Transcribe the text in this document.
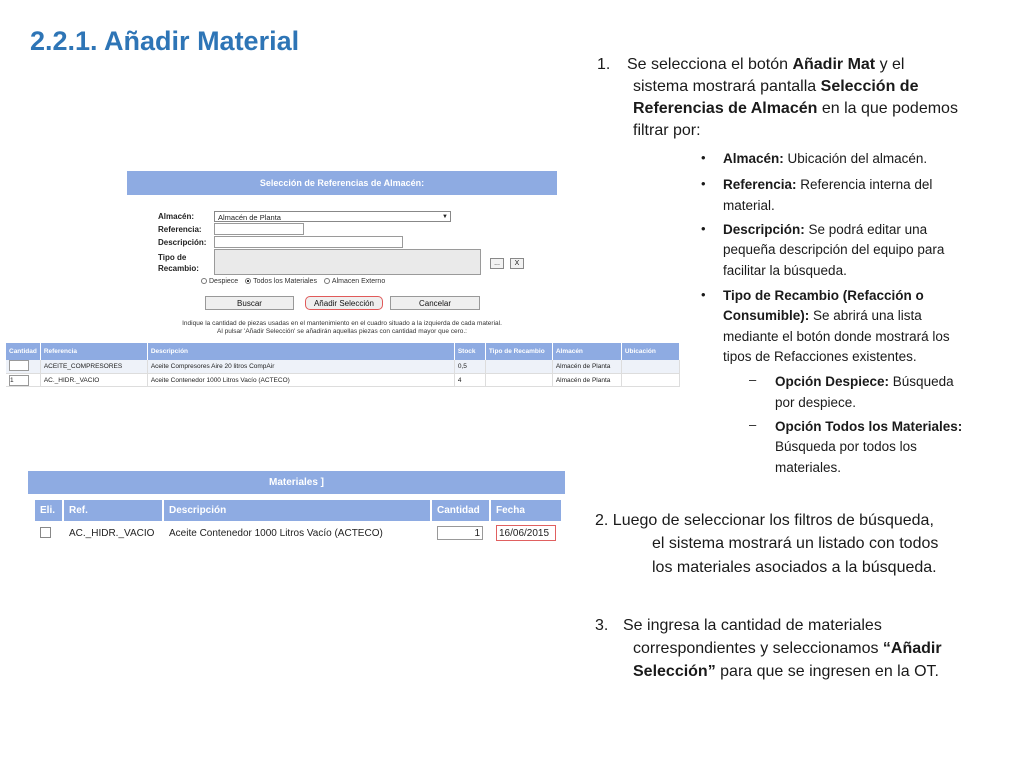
2.2.1. Añadir Material
Selección de Referencias de Almacén:
Almacén:	Almacén de Planta	▼
Referencia:
Descripción:
Tipo de
Recambio:
...	X
Despiece Todos los Materiales Almacen Externo
Buscar	Añadir Selección	Cancelar
Indique la cantidad de piezas usadas en el mantenimiento en el cuadro situado a la izquierda de cada material.
Al pulsar 'Añadir Selección' se añadirán aquellas piezas con cantidad mayor que cero.:
Cantidad	Referencia	Descripción	Stock	Tipo de Recambio	Almacén	Ubicación
	ACEITE_COMPRESORES	Aceite Compresores Aire 20 litros CompAir	0,5		Almacén de Planta	
1	AC._HIDR._VACIO	Aceite Contenedor 1000 Litros Vacío (ACTECO)	4		Almacén de Planta	
Materiales ]
Eli.	Ref.	Descripción	Cantidad	Fecha
	AC._HIDR._VACIO	Aceite Contenedor 1000 Litros Vacío (ACTECO)	1	16/06/2015
1. Se selecciona el botón Añadir Mat y el
sistema mostrará pantalla Selección de
Referencias de Almacén en la que podemos
filtrar por:
• Almacén: Ubicación del almacén.
• Referencia: Referencia interna del
material.
• Descripción: Se podrá editar una
pequeña descripción del equipo para
facilitar la búsqueda.
• Tipo de Recambio (Refacción o
Consumible): Se abrirá una lista
mediante el botón donde mostrará los
tipos de Refacciones existentes.
– Opción Despiece: Búsqueda
por despiece.
– Opción Todos los Materiales:
Búsqueda por todos los
materiales.
2. Luego de seleccionar los filtros de búsqueda,
el sistema mostrará un listado con todos
los materiales asociados a la búsqueda.
3. Se ingresa la cantidad de materiales
correspondientes y seleccionamos “Añadir
Selección” para que se ingresen en la OT.
